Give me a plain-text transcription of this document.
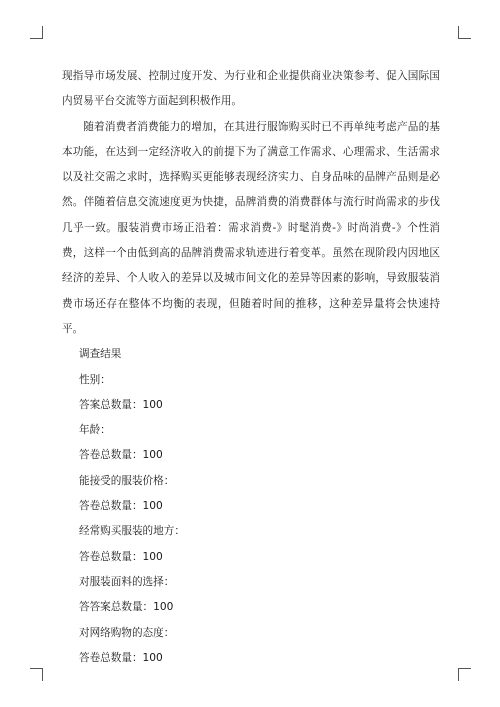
现指导市场发展、控制过度开发、为行业和企业提供商业决策参考、促入国际国内贸易平台交流等方面起到积极作用。

随着消费者消费能力的增加，在其进行服饰购买时已不再单纯考虑产品的基本功能，在达到一定经济收入的前提下为了满意工作需求、心理需求、生活需求以及社交需之求时，选择购买更能够表现经济实力、自身品味的品牌产品则是必然。伴随着信息交流速度更为快捷，品牌消费的消费群体与流行时尚需求的步伐几乎一致。服装消费市场正沿着：需求消费-》时髦消费-》时尚消费-》个性消费，这样一个由低到高的品牌消费需求轨迹进行着变革。虽然在现阶段内因地区经济的差异、个人收入的差异以及城市间文化的差异等因素的影响，导致服装消费市场还存在整体不均衡的表现，但随着时间的推移，这种差异量将会快速持平。

调查结果
性别：
答案总数量：100
年龄：
答卷总数量：100
能接受的服装价格：
答卷总数量：100
经常购买服装的地方：
答卷总数量：100
对服装面料的选择：
答答案总数量：100
对网络购物的态度：
答卷总数量：100
